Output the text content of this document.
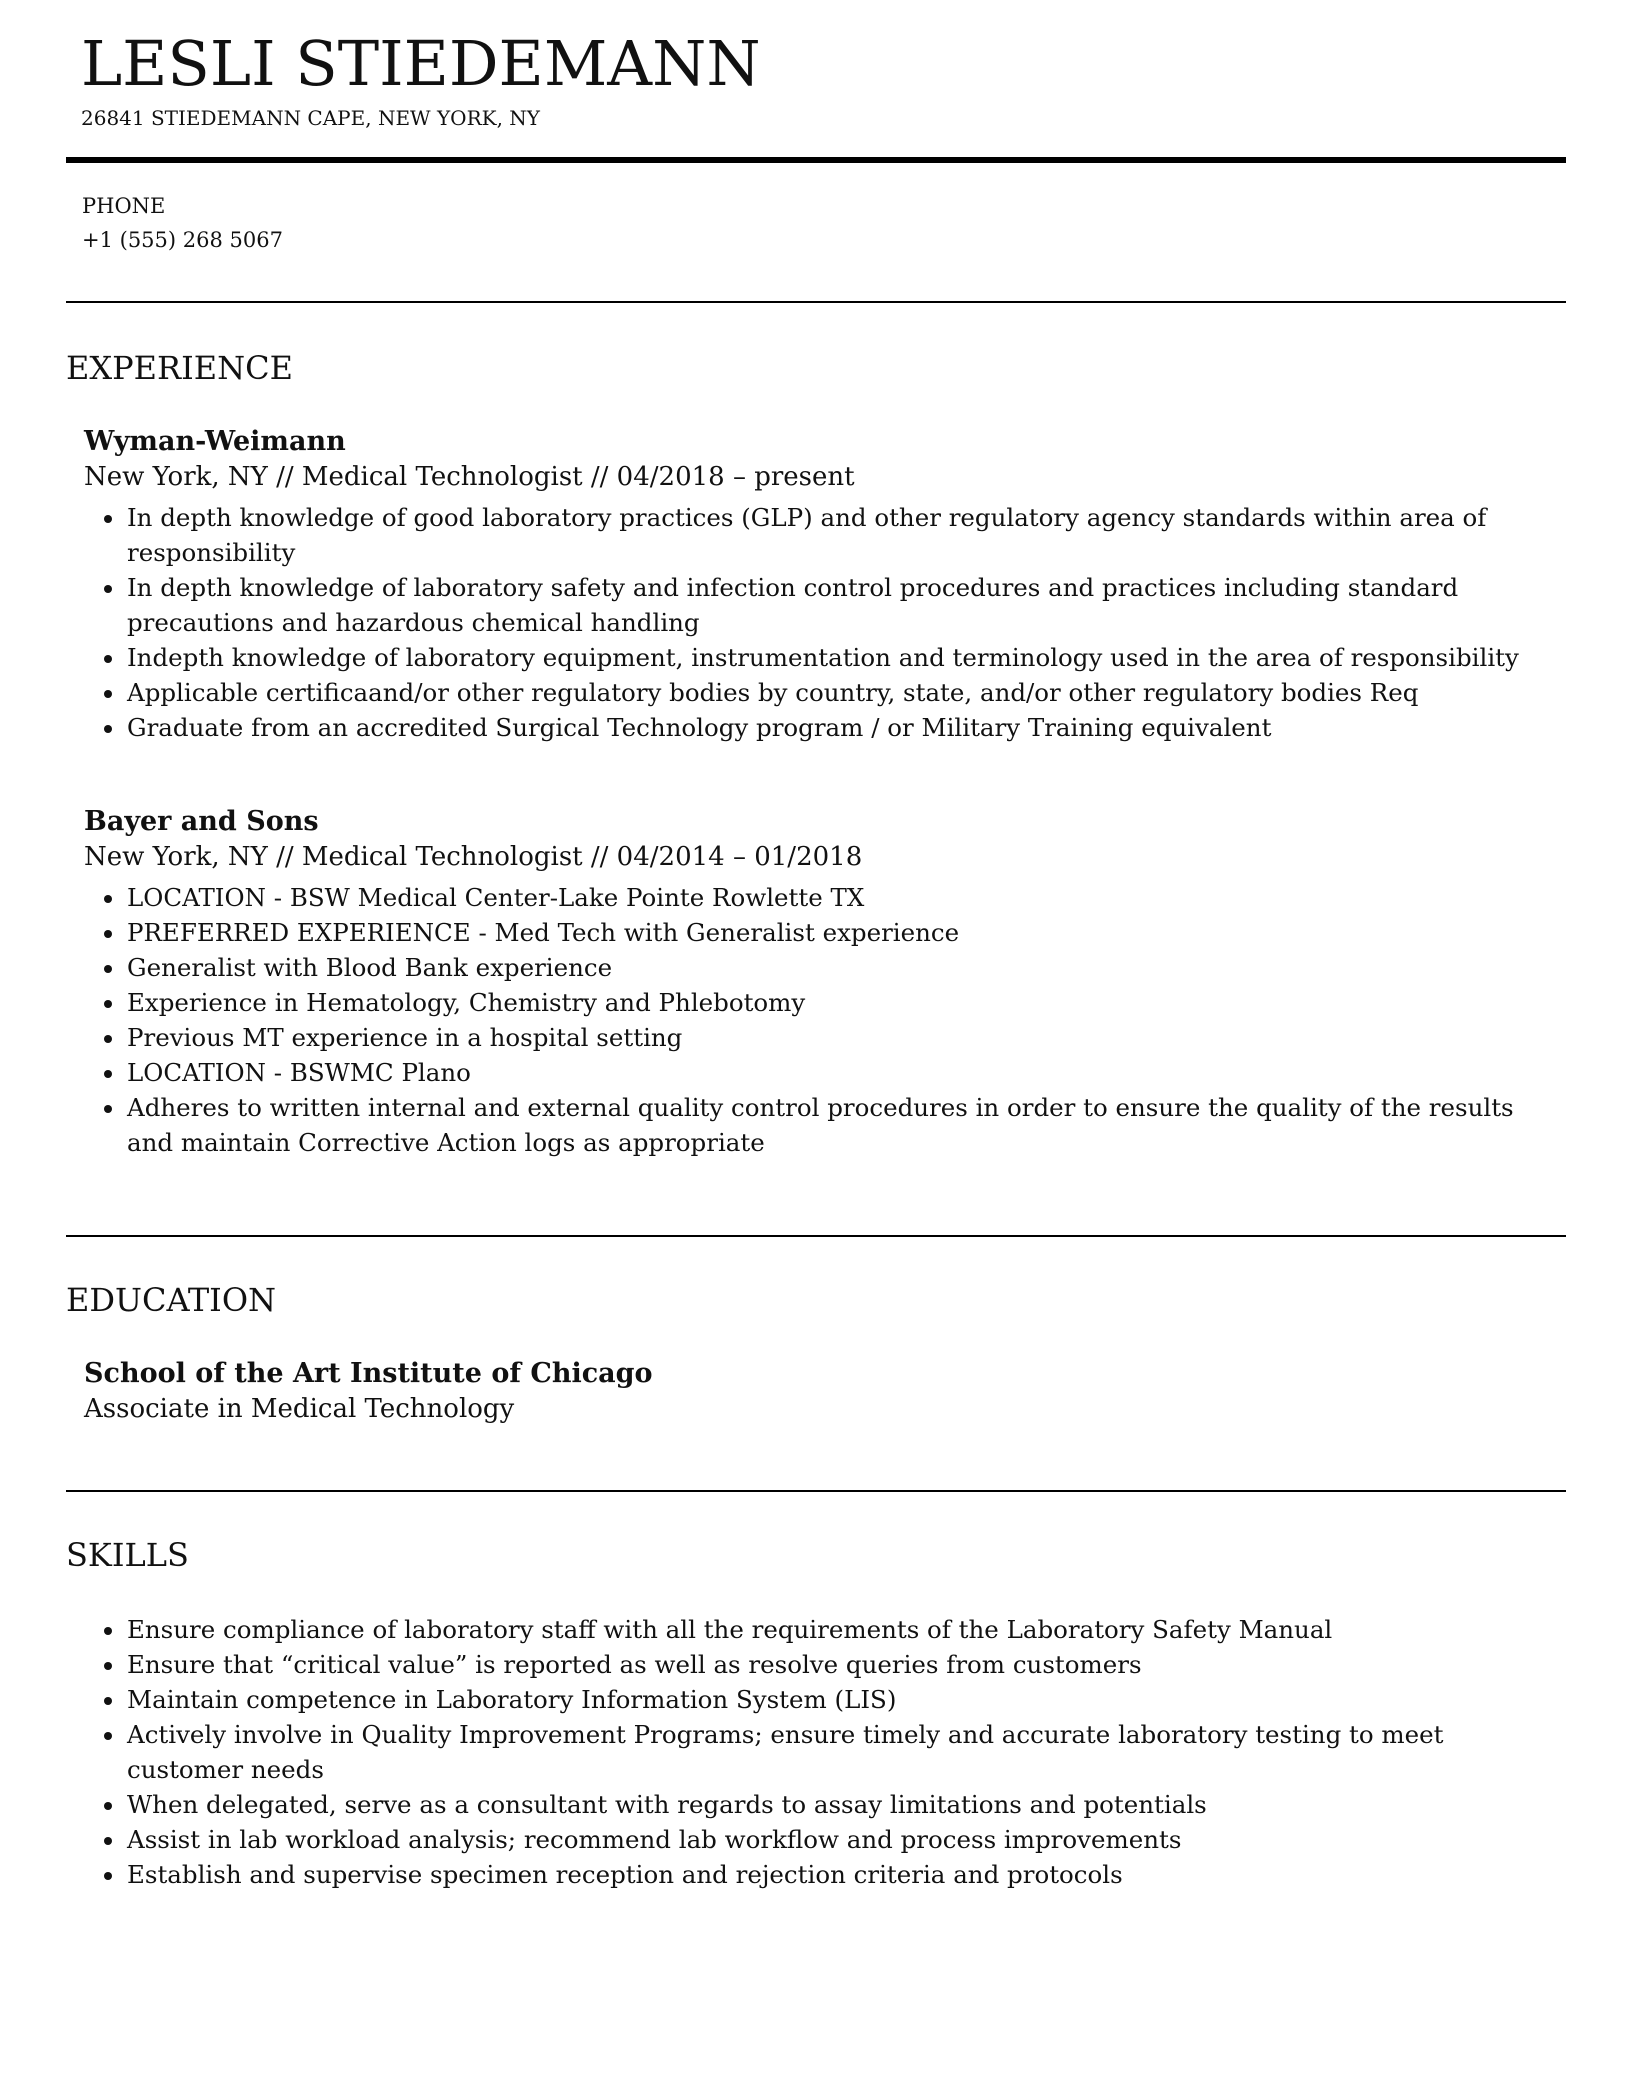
LESLI STIEDEMANN
26841 STIEDEMANN CAPE, NEW YORK, NY
PHONE
+1 (555) 268 5067
EXPERIENCE

Wyman-Weimann

New York, NY // Medical Technologist // 04/2018 – present

In depth knowledge of good laboratory practices (GLP) and other regulatory agency standards within area of responsibility
In depth knowledge of laboratory safety and infection control procedures and practices including standard precautions and hazardous chemical handling
Indepth knowledge of laboratory equipment, instrumentation and terminology used in the area of responsibility
Applicable certificaand/or other regulatory bodies by country, state, and/or other regulatory bodies Req
Graduate from an accredited Surgical Technology program / or Military Training equivalent

Bayer and Sons

New York, NY // Medical Technologist // 04/2014 – 01/2018

LOCATION - BSW Medical Center-Lake Pointe Rowlette TX
PREFERRED EXPERIENCE - Med Tech with Generalist experience
Generalist with Blood Bank experience
Experience in Hematology, Chemistry and Phlebotomy
Previous MT experience in a hospital setting
LOCATION - BSWMC Plano
Adheres to written internal and external quality control procedures in order to ensure the quality of the results and maintain Corrective Action logs as appropriate
EDUCATION

School of the Art Institute of Chicago

Associate in Medical Technology

SKILLS
Ensure compliance of laboratory staff with all the requirements of the Laboratory Safety Manual
Ensure that “critical value” is reported as well as resolve queries from customers
Maintain competence in Laboratory Information System (LIS)
Actively involve in Quality Improvement Programs; ensure timely and accurate laboratory testing to meet customer needs
When delegated, serve as a consultant with regards to assay limitations and potentials
Assist in lab workload analysis; recommend lab workflow and process improvements
Establish and supervise specimen reception and rejection criteria and protocols
